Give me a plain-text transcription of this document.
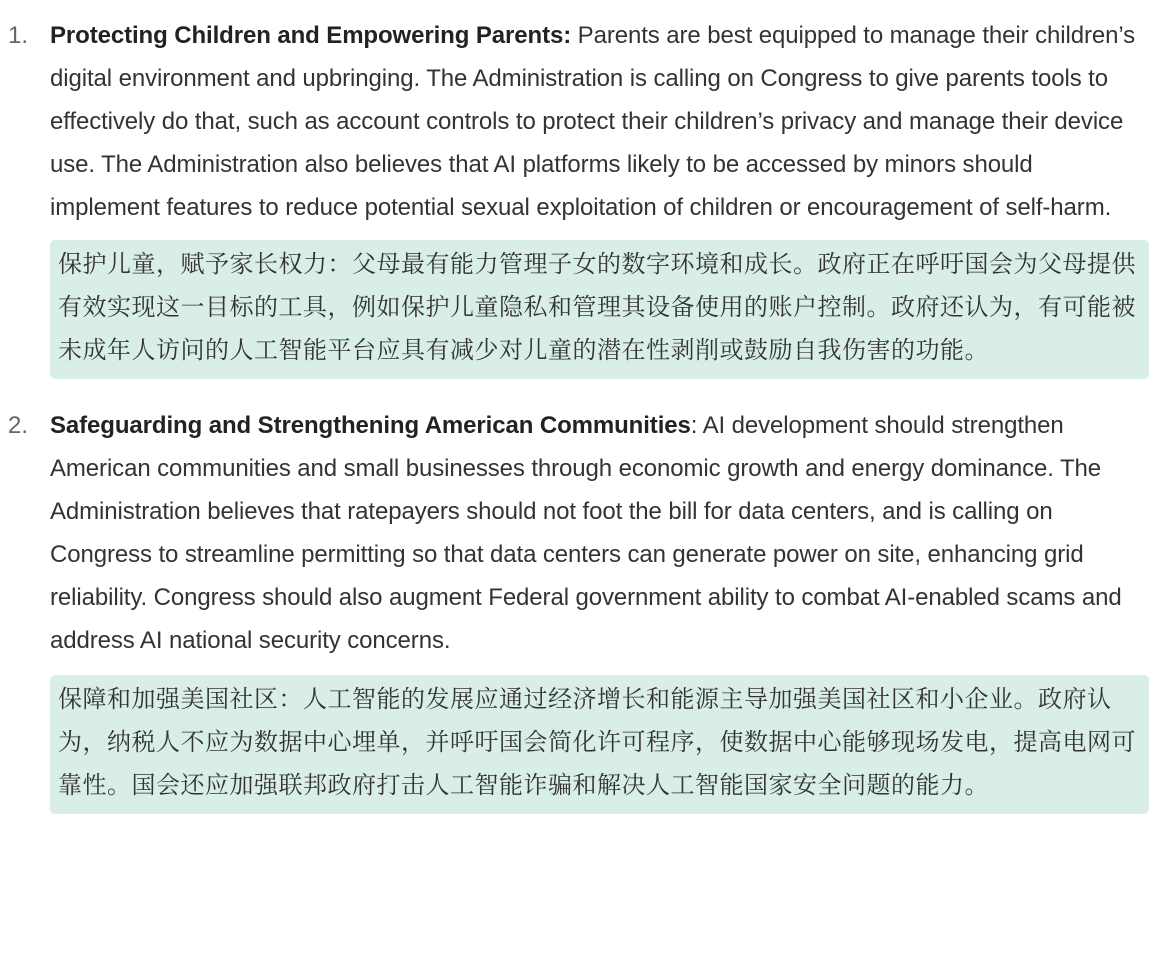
1. Protecting Children and Empowering Parents: Parents are best equipped to manage their children’s digital environment and upbringing. The Administration is calling on Congress to give parents tools to effectively do that, such as account controls to protect their children’s privacy and manage their device use. The Administration also believes that AI platforms likely to be accessed by minors should implement features to reduce potential sexual exploitation of children or encouragement of self-harm.
保护儿童，赋予家长权力：父母最有能力管理子女的数字环境和成长。政府正在呼吁国会为父母提供有效实现这一目标的工具，例如保护儿童隐私和管理其设备使用的账户控制。政府还认为，有可能被未成年人访问的人工智能平台应具有减少对儿童的潜在性剥削或鼓励自我伤害的功能。
2. Safeguarding and Strengthening American Communities: AI development should strengthen American communities and small businesses through economic growth and energy dominance. The Administration believes that ratepayers should not foot the bill for data centers, and is calling on Congress to streamline permitting so that data centers can generate power on site, enhancing grid reliability. Congress should also augment Federal government ability to combat AI-enabled scams and address AI national security concerns.
保障和加强美国社区：人工智能的发展应通过经济增长和能源主导加强美国社区和小企业。政府认为，纳税人不应为数据中心埋单，并呼吁国会简化许可程序，使数据中心能够现场发电，提高电网可靠性。国会还应加强联邦政府打击人工智能诈骗和解决人工智能国家安全问题的能力。
